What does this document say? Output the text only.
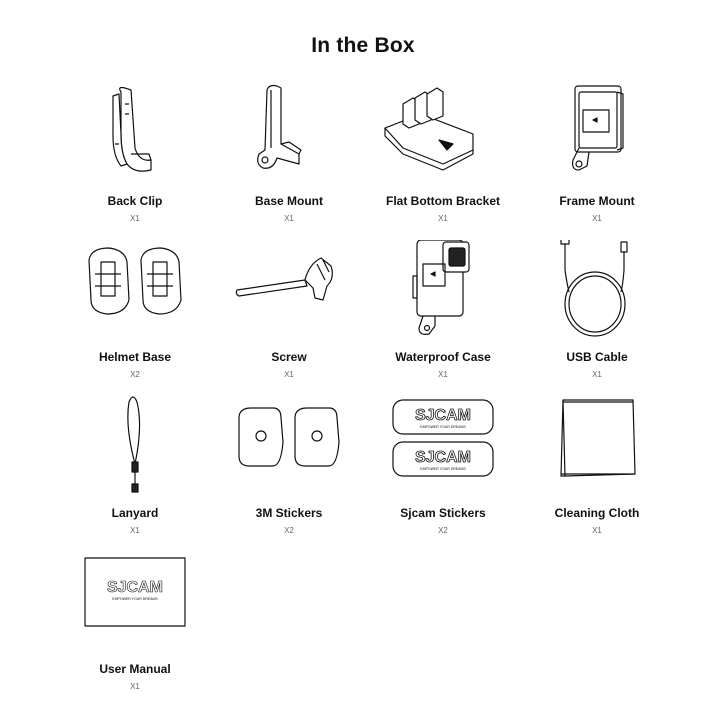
In the Box
Back Clip
X1
Base Mount
X1
Flat Bottom Bracket
X1
Frame Mount
X1
Helmet Base
X2
Screw
X1
Waterproof Case
X1
USB Cable
X1
Lanyard
X1
3M Stickers
X2
SJCAM
EMPOWER YOUR DREAMS
SJCAM
EMPOWER YOUR DREAMS
Sjcam Stickers
X2
Cleaning Cloth
X1
SJCAM
EMPOWER YOUR DREAMS
User Manual
X1
